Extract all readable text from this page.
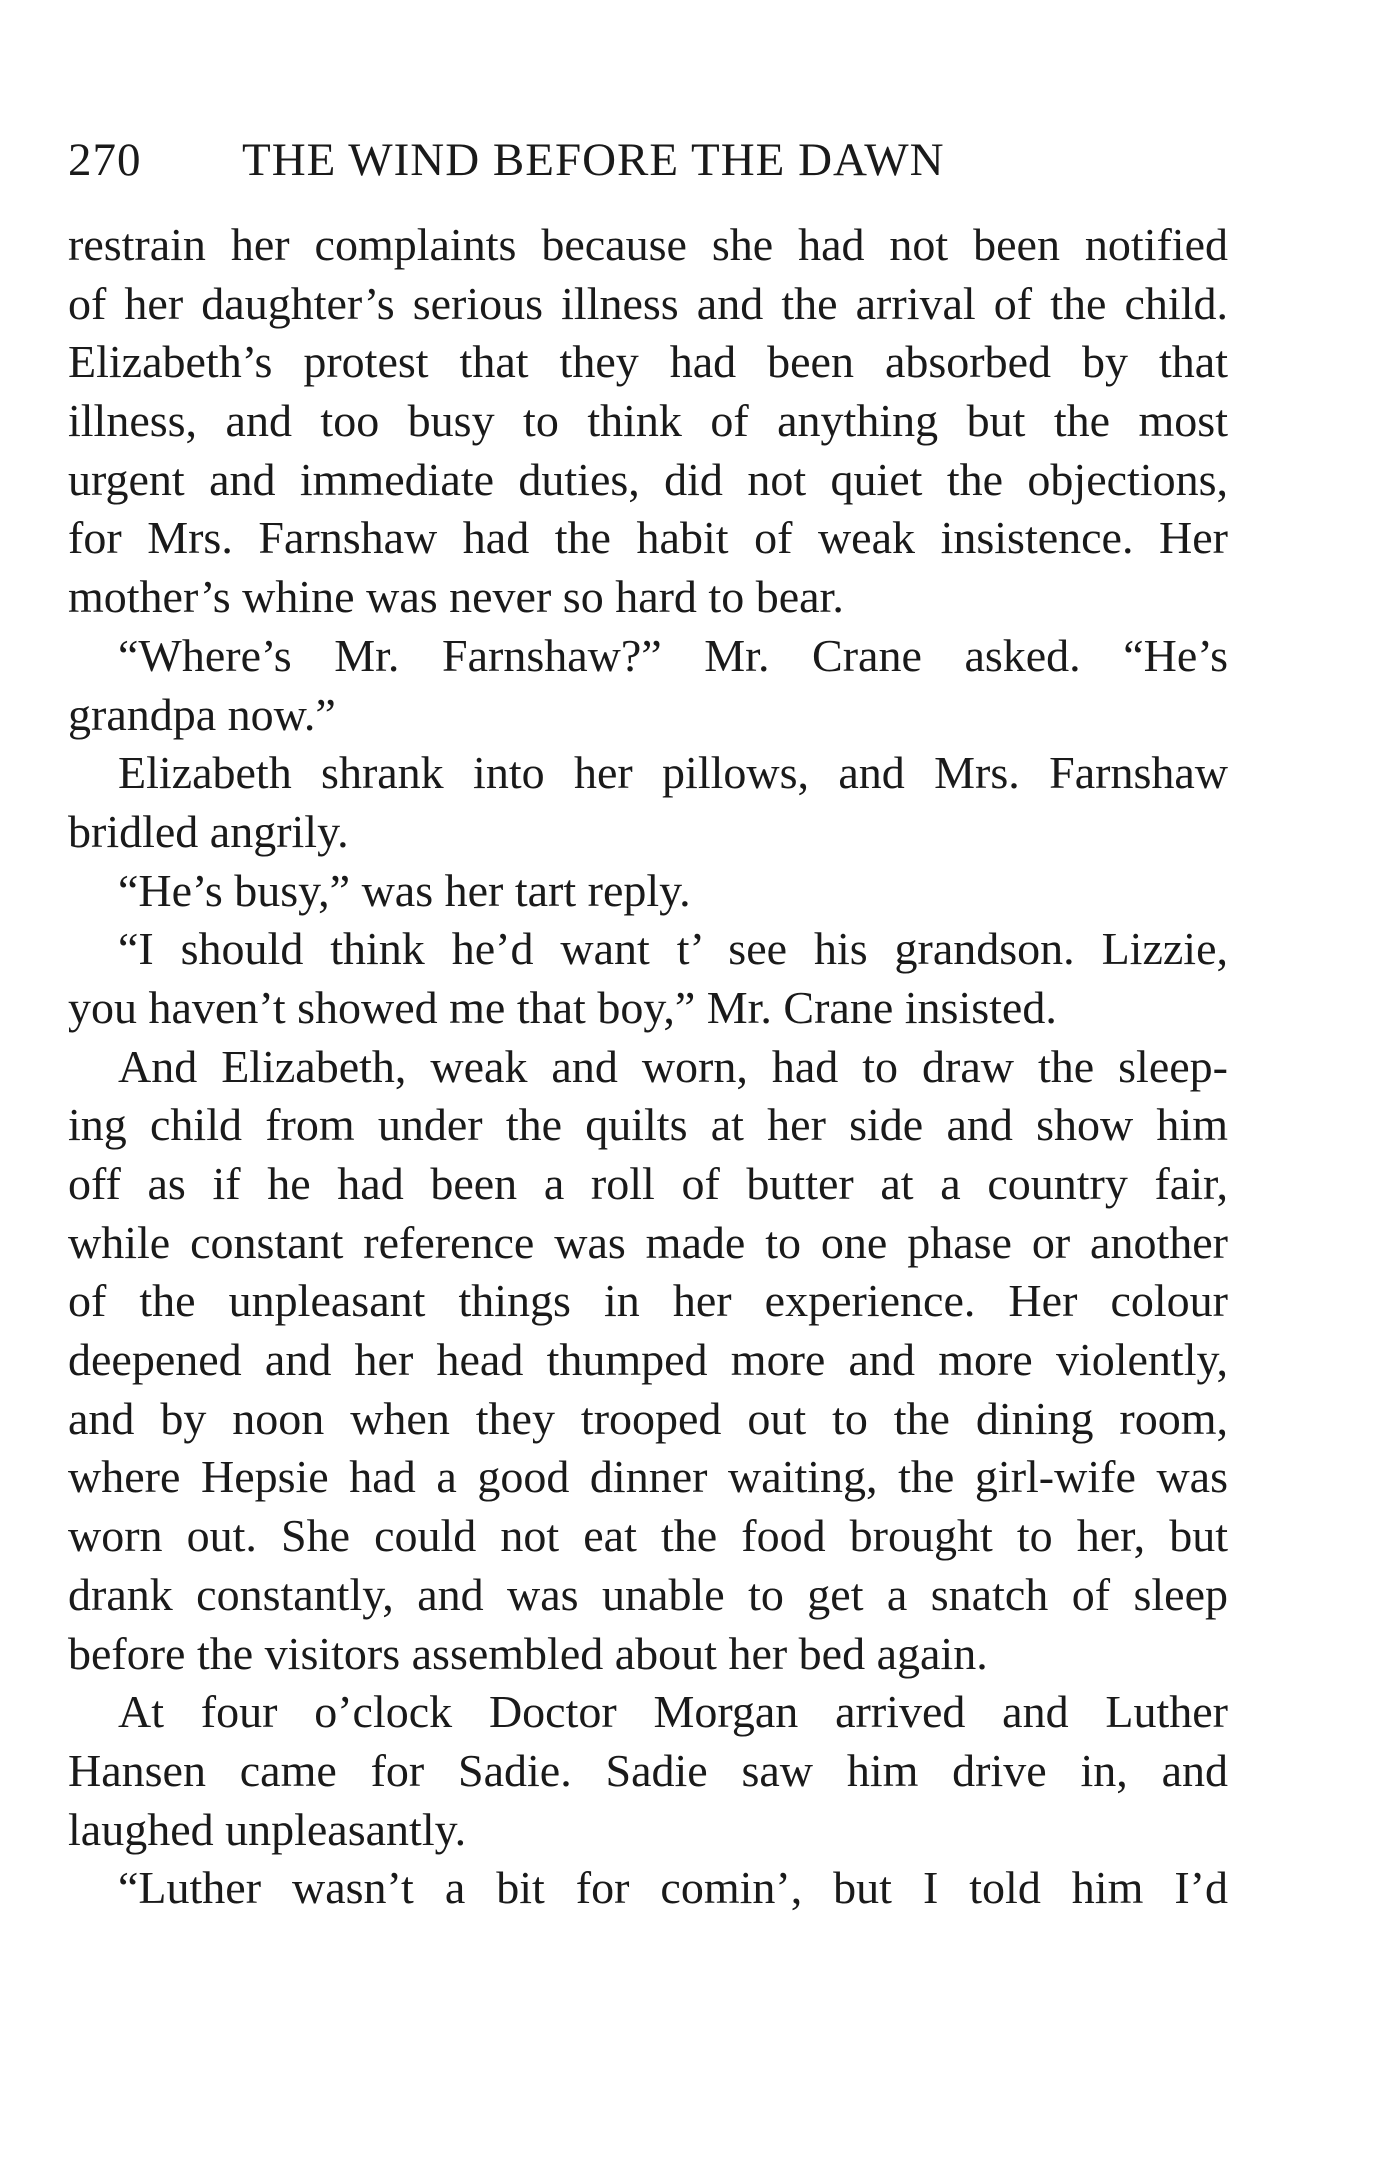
270 THE WIND BEFORE THE DAWN
restrain her complaints because she had not been notified
of her daughter’s serious illness and the arrival of the child.
Elizabeth’s protest that they had been absorbed by that
illness, and too busy to think of anything but the most
urgent and immediate duties, did not quiet the objections,
for Mrs. Farnshaw had the habit of weak insistence. Her
mother’s whine was never so hard to bear.
“Where’s Mr. Farnshaw?” Mr. Crane asked. “He’s
grandpa now.”
Elizabeth shrank into her pillows, and Mrs. Farnshaw
bridled angrily.
“He’s busy,” was her tart reply.
“I should think he’d want t’ see his grandson. Lizzie,
you haven’t showed me that boy,” Mr. Crane insisted.
And Elizabeth, weak and worn, had to draw the sleep-
ing child from under the quilts at her side and show him
off as if he had been a roll of butter at a country fair,
while constant reference was made to one phase or another
of the unpleasant things in her experience. Her colour
deepened and her head thumped more and more violently,
and by noon when they trooped out to the dining room,
where Hepsie had a good dinner waiting, the girl-wife was
worn out. She could not eat the food brought to her, but
drank constantly, and was unable to get a snatch of sleep
before the visitors assembled about her bed again.
At four o’clock Doctor Morgan arrived and Luther
Hansen came for Sadie. Sadie saw him drive in, and
laughed unpleasantly.
“Luther wasn’t a bit for comin’, but I told him I’d
